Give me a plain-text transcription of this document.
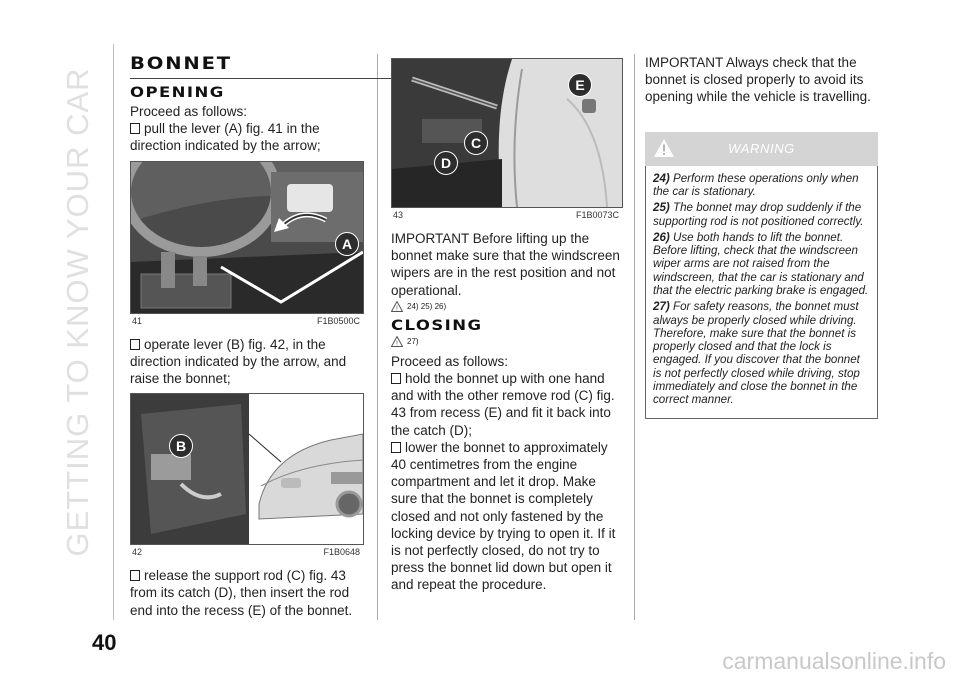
GETTING TO KNOW YOUR CAR
40
carmanualsonline.info
BONNET
OPENING

Proceed as follows:

pull the lever (A) fig. 41 in the direction indicated by the arrow;

A
41	F1B0500C

operate lever (B) fig. 42, in the direction indicated by the arrow, and raise the bonnet;

B
42	F1B0648

release the support rod (C) fig. 43 from its catch (D), then insert the rod end into the recess (E) of the bonnet.

E
C
D
43	F1B0073C

IMPORTANT Before lifting up the bonnet make sure that the windscreen wipers are in the rest position and not operational.

! 24) 25) 26)
CLOSING
! 27)

Proceed as follows:

hold the bonnet up with one hand and with the other remove rod (C) fig. 43 from recess (E) and fit it back into the catch (D);

lower the bonnet to approximately 40 centimetres from the engine compartment and let it drop. Make sure that the bonnet is completely closed and not only fastened by the locking device by trying to open it. If it is not perfectly closed, do not try to press the bonnet lid down but open it and repeat the procedure.

IMPORTANT Always check that the bonnet is closed properly to avoid its opening while the vehicle is travelling.

WARNING

24) Perform these operations only when the car is stationary.

25) The bonnet may drop suddenly if the supporting rod is not positioned correctly.

26) Use both hands to lift the bonnet. Before lifting, check that the windscreen wiper arms are not raised from the windscreen, that the car is stationary and that the electric parking brake is engaged.

27) For safety reasons, the bonnet must always be properly closed while driving. Therefore, make sure that the bonnet is properly closed and that the lock is engaged. If you discover that the bonnet is not perfectly closed while driving, stop immediately and close the bonnet in the correct manner.
